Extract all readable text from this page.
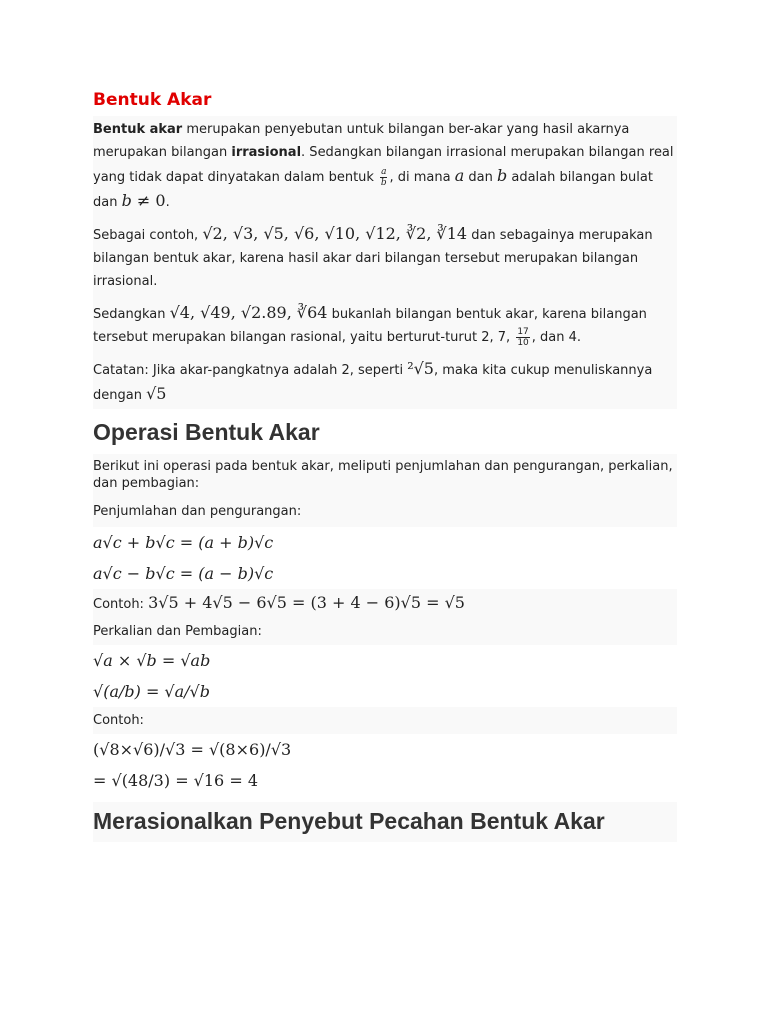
Bentuk Akar

Bentuk akar merupakan penyebutan untuk bilangan ber-akar yang hasil akarnya merupakan bilangan irrasional. Sedangkan bilangan irrasional merupakan bilangan real yang tidak dapat dinyatakan dalam bentuk $\frac{a}{b}$ , di mana a dan b adalah bilangan bulat dan b ≠ 0.

Sebagai contoh, √2, √3, √5, √6, √10, √12, ∛2, ∛14 dan sebagainya merupakan bilangan bentuk akar, karena hasil akar dari bilangan tersebut merupakan bilangan irrasional.

Sedangkan √4, √49, √2.89, ∛64 bukanlah bilangan bentuk akar, karena bilangan tersebut merupakan bilangan rasional, yaitu berturut-turut 2, 7, $\frac{17}{10}$ , dan 4.

Catatan: Jika akar-pangkatnya adalah 2, seperti ²√5, maka kita cukup menuliskannya dengan √5

Operasi Bentuk Akar

Berikut ini operasi pada bentuk akar, meliputi penjumlahan dan pengurangan, perkalian, dan pembagian:

Penjumlahan dan pengurangan:

a√c + b√c = (a + b)√c

a√c − b√c = (a − b)√c

Contoh: 3√5 + 4√5 − 6√5 = (3 + 4 − 6)√5 = √5

Perkalian dan Pembagian:

√a × √b = √ab

√(a/b) = √a/√b

Contoh:

(√8×√6)/√3 = √(8×6)/√3

= √(48/3) = √16 = 4

Merasionalkan Penyebut Pecahan Bentuk Akar
